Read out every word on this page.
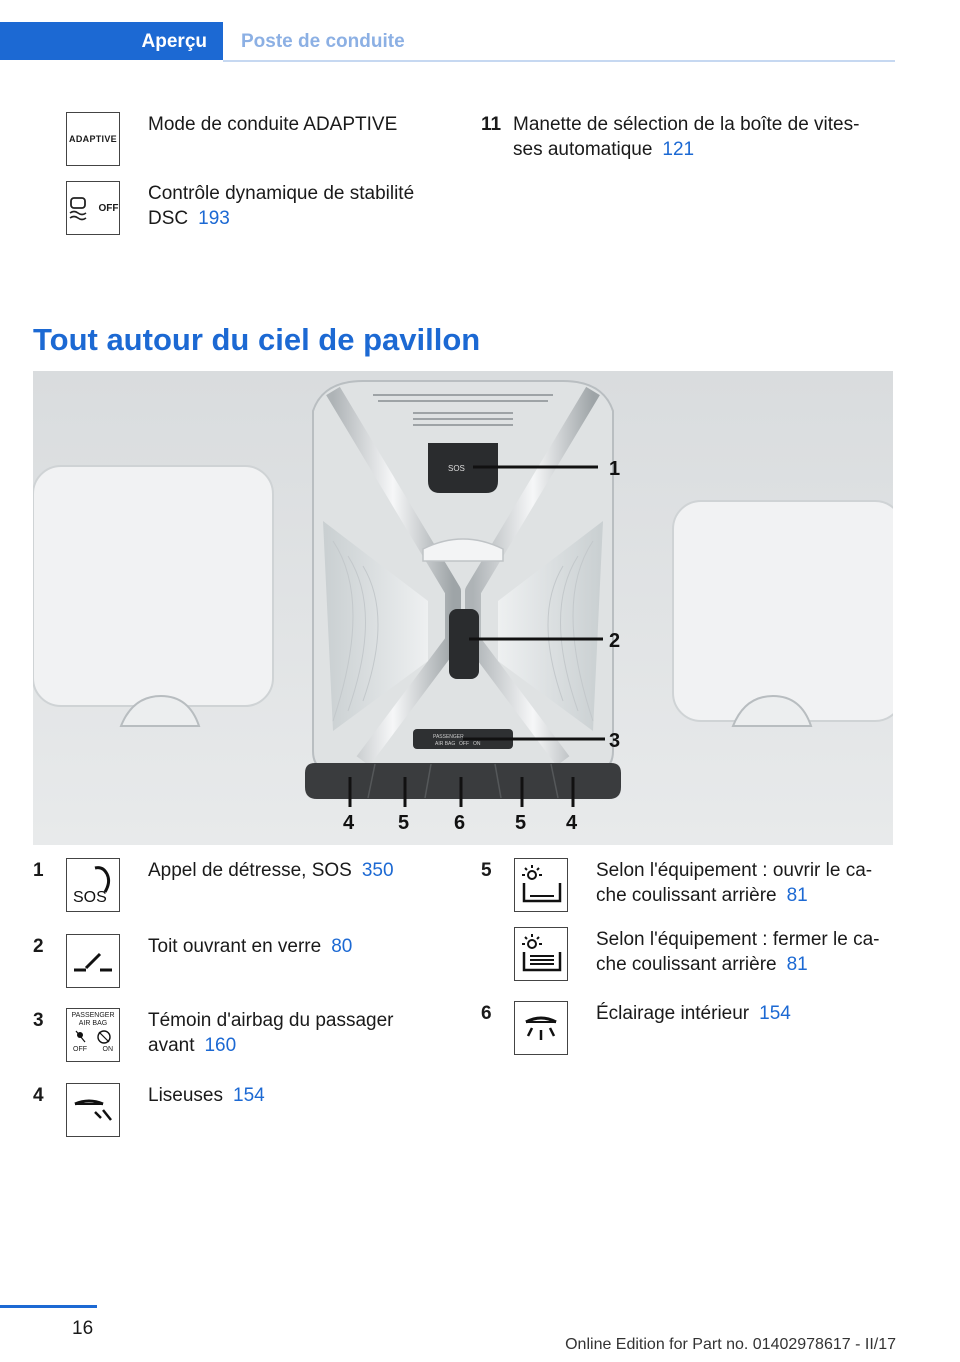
Aperçu	Poste de conduite
ADAPTIVE
Mode de conduite ADAPTIVE
OFF
Contrôle dynamique de stabilité
DSC 193
11 Manette de sélection de la boîte de vites-
ses automatique 121
Tout autour du ciel de pavillon
SOS
PASSENGER
AIR BAG OFF ON
1
2
3
4 5 6 5 4
1
SOS
Appel de détresse, SOS 350
2	Toit ouvrant en verre 80
3	PASSENGER
AIR BAG
OFF ON
Témoin d'airbag du passager
avant 160
4	Liseuses 154
5	Selon l'équipement : ouvrir le ca-
che coulissant arrière 81
Selon l'équipement : fermer le ca-
che coulissant arrière 81
6	Éclairage intérieur 154
16
Online Edition for Part no. 01402978617 - II/17
